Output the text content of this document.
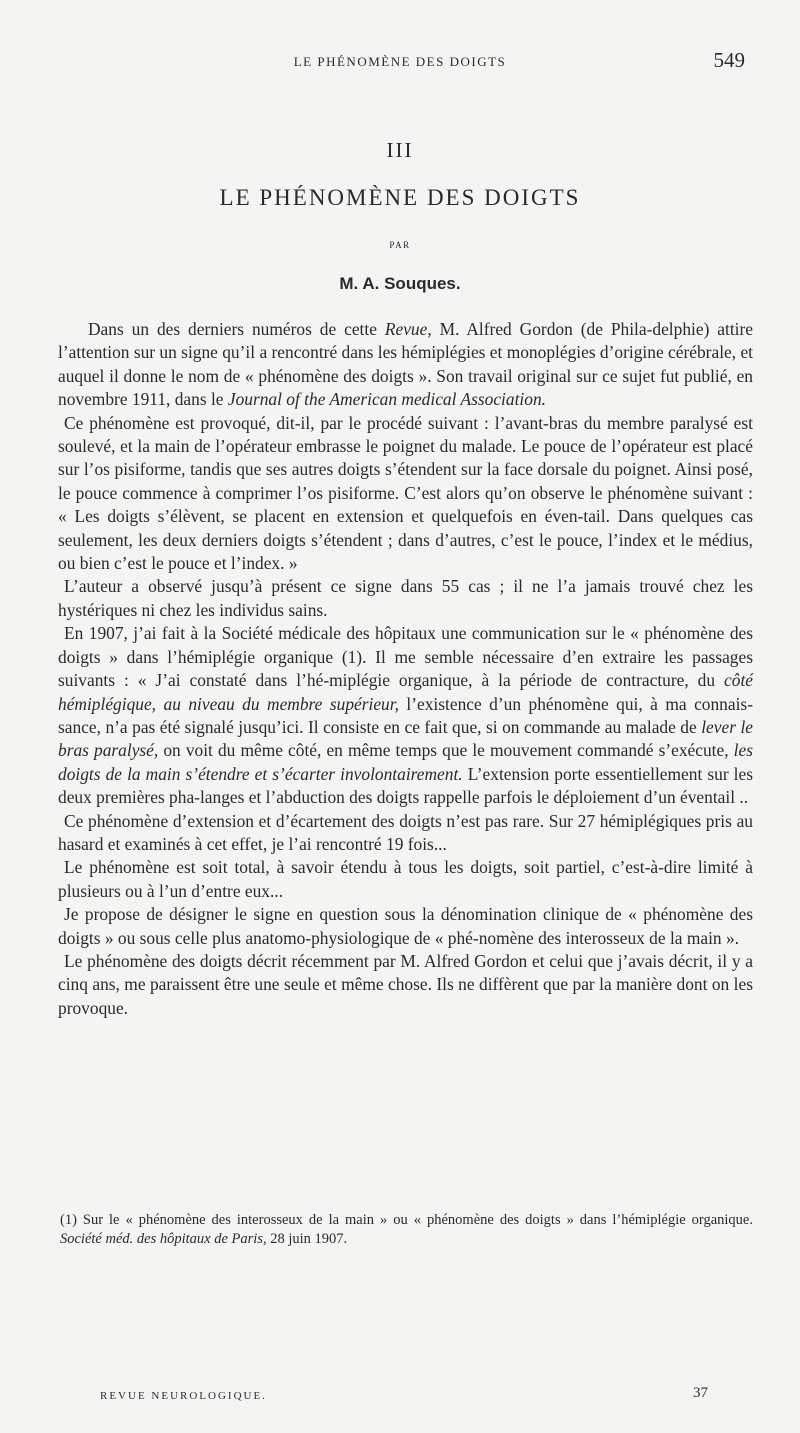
LE PHÉNOMÈNE DES DOIGTS	549
III
LE PHÉNOMÈNE DES DOIGTS
PAR
M. A. Souques.

Dans un des derniers numéros de cette Revue, M. Alfred Gordon (de Phila-delphie) attire l’attention sur un signe qu’il a rencontré dans les hémiplégies et monoplégies d’origine cérébrale, et auquel il donne le nom de « phénomène des doigts ». Son travail original sur ce sujet fut publié, en novembre 1911, dans le Journal of the American medical Association.

Ce phénomène est provoqué, dit-il, par le procédé suivant : l’avant-bras du membre paralysé est soulevé, et la main de l’opérateur embrasse le poignet du malade. Le pouce de l’opérateur est placé sur l’os pisiforme, tandis que ses autres doigts s’étendent sur la face dorsale du poignet. Ainsi posé, le pouce commence à comprimer l’os pisiforme. C’est alors qu’on observe le phénomène suivant : « Les doigts s’élèvent, se placent en extension et quelquefois en éven-tail. Dans quelques cas seulement, les deux derniers doigts s’étendent ; dans d’autres, c’est le pouce, l’index et le médius, ou bien c’est le pouce et l’index. »

L’auteur a observé jusqu’à présent ce signe dans 55 cas ; il ne l’a jamais trouvé chez les hystériques ni chez les individus sains.

En 1907, j’ai fait à la Société médicale des hôpitaux une communication sur le « phénomène des doigts » dans l’hémiplégie organique (1). Il me semble nécessaire d’en extraire les passages suivants : « J’ai constaté dans l’hé-miplégie organique, à la période de contracture, du côté hémiplégique, au niveau du membre supérieur, l’existence d’un phénomène qui, à ma connais-sance, n’a pas été signalé jusqu’ici. Il consiste en ce fait que, si on commande au malade de lever le bras paralysé, on voit du même côté, en même temps que le mouvement commandé s’exécute, les doigts de la main s’étendre et s’écarter involontairement. L’extension porte essentiellement sur les deux premières pha-langes et l’abduction des doigts rappelle parfois le déploiement d’un éventail ..

Ce phénomène d’extension et d’écartement des doigts n’est pas rare. Sur 27 hémiplégiques pris au hasard et examinés à cet effet, je l’ai rencontré 19 fois...

Le phénomène est soit total, à savoir étendu à tous les doigts, soit partiel, c’est-à-dire limité à plusieurs ou à l’un d’entre eux...

Je propose de désigner le signe en question sous la dénomination clinique de « phénomène des doigts » ou sous celle plus anatomo-physiologique de « phé-nomène des interosseux de la main ».

Le phénomène des doigts décrit récemment par M. Alfred Gordon et celui que j’avais décrit, il y a cinq ans, me paraissent être une seule et même chose. Ils ne diffèrent que par la manière dont on les provoque.

(1) Sur le « phénomène des interosseux de la main » ou « phénomène des doigts » dans l’hémiplégie organique. Société méd. des hôpitaux de Paris, 28 juin 1907.

REVUE NEUROLOGIQUE.	37
